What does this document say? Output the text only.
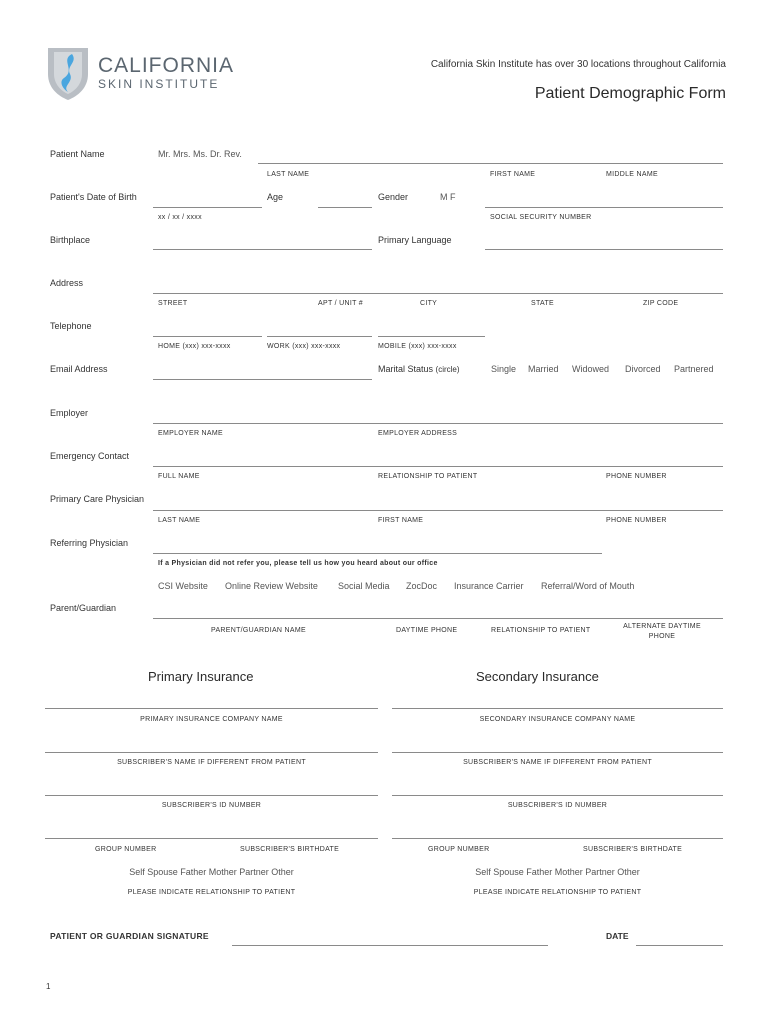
CALIFORNIA
SKIN INSTITUTE
California Skin Institute has over 30 locations throughout California
Patient Demographic Form
Patient Name	Mr. Mrs. Ms. Dr. Rev.
LAST NAME	FIRST NAME	MIDDLE NAME
Patient's Date of Birth	Age	Gender	M F
xx / xx / xxxx	SOCIAL SECURITY NUMBER
Birthplace	Primary Language
Address
STREET	APT / UNIT #	CITY	STATE	ZIP CODE
Telephone
HOME (xxx) xxx-xxxx	WORK (xxx) xxx-xxxx	MOBILE (xxx) xxx-xxxx
Email Address	Marital Status (circle)	Single Married Widowed Divorced Partnered
Employer
EMPLOYER NAME	EMPLOYER ADDRESS
Emergency Contact
FULL NAME	RELATIONSHIP TO PATIENT	PHONE NUMBER
Primary Care Physician
LAST NAME	FIRST NAME	PHONE NUMBER
Referring Physician
If a Physician did not refer you, please tell us how you heard about our office
CSI Website Online Review Website Social Media ZocDoc Insurance Carrier Referral/Word of Mouth
Parent/Guardian
PARENT/GUARDIAN NAME	DAYTIME PHONE	RELATIONSHIP TO PATIENT
ALTERNATE DAYTIME
PHONE
Primary Insurance	Secondary Insurance
PRIMARY INSURANCE COMPANY NAME
SUBSCRIBER'S NAME IF DIFFERENT FROM PATIENT
SUBSCRIBER'S ID NUMBER
GROUP NUMBER	SUBSCRIBER'S BIRTHDATE
Self Spouse Father Mother Partner Other
PLEASE INDICATE RELATIONSHIP TO PATIENT
SECONDARY INSURANCE COMPANY NAME
SUBSCRIBER'S NAME IF DIFFERENT FROM PATIENT
SUBSCRIBER'S ID NUMBER
GROUP NUMBER	SUBSCRIBER'S BIRTHDATE
Self Spouse Father Mother Partner Other
PLEASE INDICATE RELATIONSHIP TO PATIENT
PATIENT OR GUARDIAN SIGNATURE	DATE
1
